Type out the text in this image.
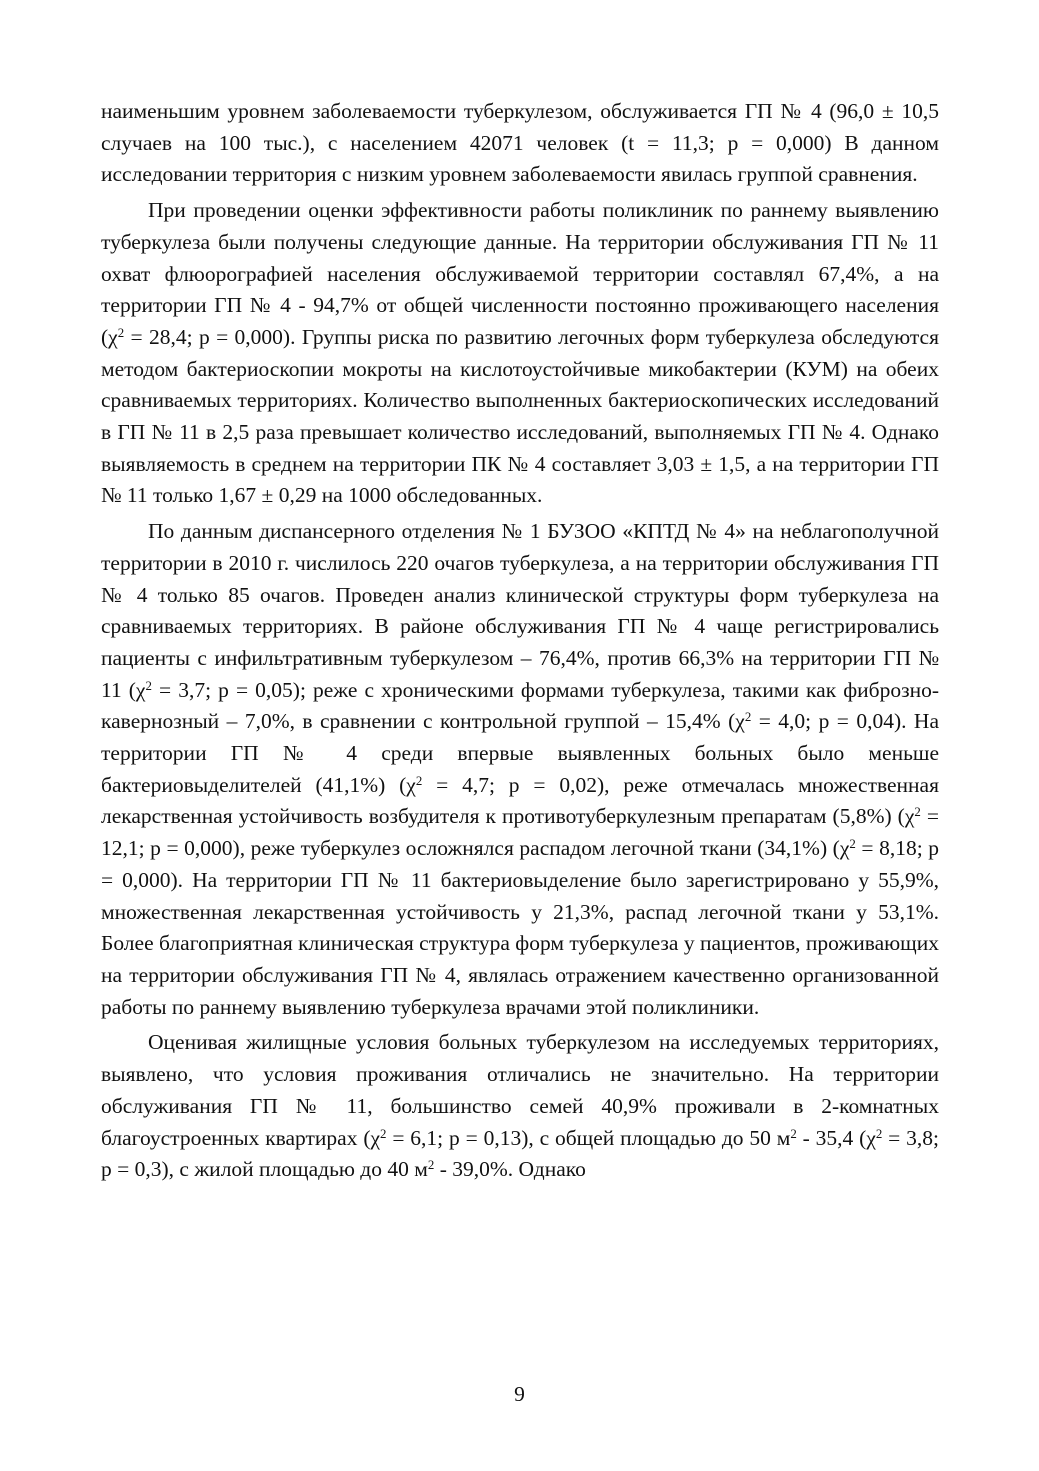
наименьшим уровнем заболеваемости туберкулезом, обслуживается ГП № 4 (96,0 ± 10,5 случаев на 100 тыс.), с населением 42071 человек (t = 11,3; p = 0,000) В данном исследовании территория с низким уровнем заболеваемости явилась группой сравнения.

При проведении оценки эффективности работы поликлиник по раннему выявлению туберкулеза были получены следующие данные. На территории обслуживания ГП № 11 охват флюорографией населения обслуживаемой территории составлял 67,4%, а на территории ГП № 4 - 94,7% от общей численности постоянно проживающего населения ($\chi^2 = 28,4$; p = 0,000). Группы риска по развитию легочных форм туберкулеза обследуются методом бактериоскопии мокроты на кислотоустойчивые микобактерии (КУМ) на обеих сравниваемых территориях. Количество выполненных бактериоскопических исследований в ГП № 11 в 2,5 раза превышает количество исследований, выполняемых ГП № 4. Однако выявляемость в среднем на территории ПК № 4 составляет 3,03 ± 1,5, а на территории ГП № 11 только 1,67 ± 0,29 на 1000 обследованных.

По данным диспансерного отделения № 1 БУЗОО «КПТД № 4» на неблагополучной территории в 2010 г. числилось 220 очагов туберкулеза, а на территории обслуживания ГП № 4 только 85 очагов. Проведен анализ клинической структуры форм туберкулеза на сравниваемых территориях. В районе обслуживания ГП № 4 чаще регистрировались пациенты с инфильтративным туберкулезом – 76,4%, против 66,3% на территории ГП № 11 ($\chi^2 = 3,7$; p = 0,05); реже с хроническими формами туберкулеза, такими как фиброзно-кавернозный – 7,0%, в сравнении с контрольной группой – 15,4% ($\chi^2 = 4,0$; p = 0,04). На территории ГП № 4 среди впервые выявленных больных было меньше бактериовыделителей (41,1%) ($\chi^2 = 4,7$; p = 0,02), реже отмечалась множественная лекарственная устойчивость возбудителя к противотуберкулезным препаратам (5,8%) ($\chi^2 = 12,1$; p = 0,000), реже туберкулез осложнялся распадом легочной ткани (34,1%) ($\chi^2 = 8,18$; p = 0,000). На территории ГП № 11 бактериовыделение было зарегистрировано у 55,9%, множественная лекарственная устойчивость у 21,3%, распад легочной ткани у 53,1%. Более благоприятная клиническая структура форм туберкулеза у пациентов, проживающих на территории обслуживания ГП № 4, являлась отражением качественно организованной работы по раннему выявлению туберкулеза врачами этой поликлиники.

Оценивая жилищные условия больных туберкулезом на исследуемых территориях, выявлено, что условия проживания отличались не значительно. На территории обслуживания ГП № 11, большинство семей 40,9% проживали в 2-комнатных благоустроенных квартирах ($\chi^2 = 6,1$; p = 0,13), с общей площадью до 50 $м^2 - 35,4$ ($\chi^2 = 3,8$; p = 0,3), с жилой площадью до 40 $м^2 - 39,0\%$. Однако

9
